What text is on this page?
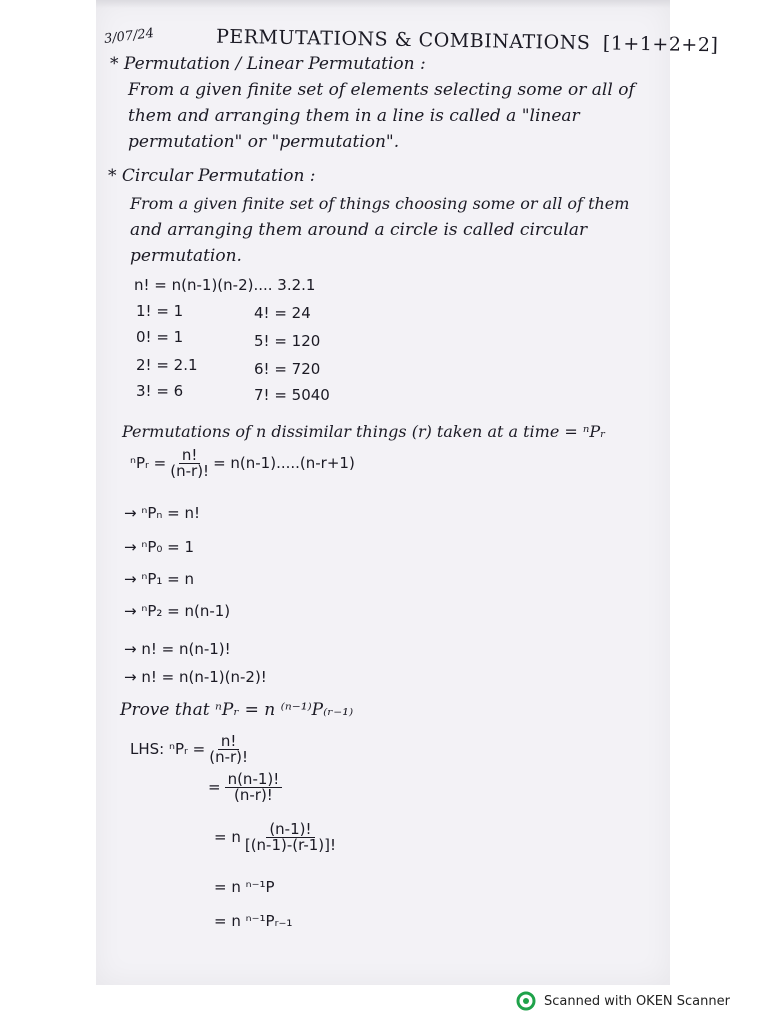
3/07/24	PERMUTATIONS & COMBINATIONS [1+1+2+2]
* Permutation / Linear Permutation :
From a given finite set of elements selecting some or all of
them and arranging them in a line is called a "linear
permutation" or "permutation".
* Circular Permutation :
From a given finite set of things choosing some or all of them
and arranging them around a circle is called circular
permutation.
n! = n(n-1)(n-2).... 3.2.1
1! = 1
0! = 1
2! = 2.1
3! = 6
4! = 24
5! = 120
6! = 720
7! = 5040
Permutations of n dissimilar things (r) taken at a time = ⁿPᵣ
ⁿPᵣ = $\frac{n!}{(n-r)!} = n(n-1).....(n-r+1)$
→ ⁿPₙ = n!
→ ⁿP₀ = 1
→ ⁿP₁ = n
→ ⁿP₂ = n(n-1)
→ n! = n(n-1)!
→ n! = n(n-1)(n-2)!
Prove that ⁿPᵣ = n ⁽ⁿ⁻¹⁾P₍ᵣ₋₁₎
LHS: ⁿPᵣ = $\frac{n!}{(n-r)!}$
= $\frac{n(n-1)!}{(n-r)!}$
= n $\frac{(n-1)!}{[(n-1)-(r-1)]!}$
= n ⁿ⁻¹P
= n ⁿ⁻¹Pᵣ₋₁
Scanned with OKEN Scanner
